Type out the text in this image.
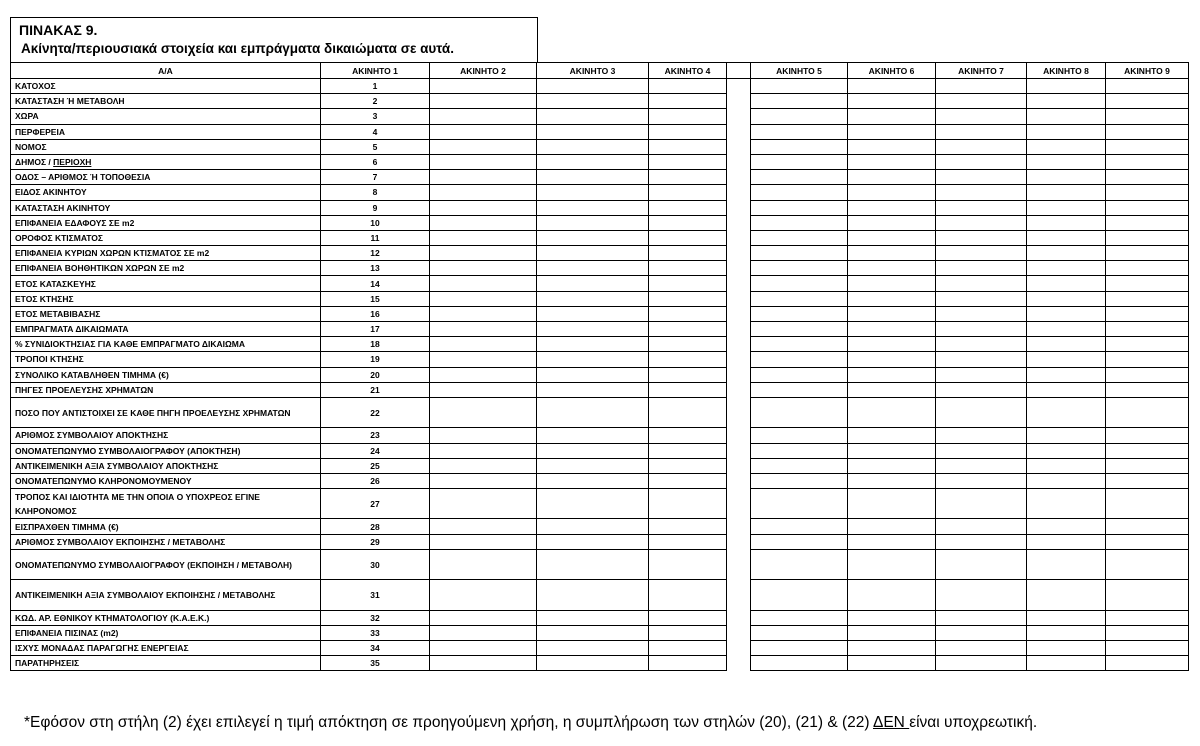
ΠΙΝΑΚΑΣ 9.
Ακίνητα/περιουσιακά στοιχεία και εμπράγματα δικαιώματα σε αυτά.
Α/Α	ΑΚΙΝΗΤΟ 1	ΑΚΙΝΗΤΟ 2	ΑΚΙΝΗΤΟ 3	ΑΚΙΝΗΤΟ 4		ΑΚΙΝΗΤΟ 5	ΑΚΙΝΗΤΟ 6	ΑΚΙΝΗΤΟ 7	ΑΚΙΝΗΤΟ 8	ΑΚΙΝΗΤΟ 9
ΚΑΤΟΧΟΣ	1									
ΚΑΤΑΣΤΑΣΗ Ή ΜΕΤΑΒΟΛΗ	2									
ΧΩΡΑ	3									
ΠΕΡΦΕΡΕΙΑ	4									
ΝΟΜΟΣ	5									
ΔΗΜΟΣ / ΠΕΡΙΟΧΗ	6									
ΟΔΟΣ – ΑΡΙΘΜΟΣ Ή ΤΟΠΟΘΕΣΙΑ	7									
ΕΙΔΟΣ ΑΚΙΝΗΤΟΥ	8									
ΚΑΤΑΣΤΑΣΗ ΑΚΙΝΗΤΟΥ	9									
ΕΠΙΦΑΝΕΙΑ ΕΔΑΦΟΥΣ ΣΕ m2	10									
ΟΡΟΦΟΣ ΚΤΙΣΜΑΤΟΣ	11									
ΕΠΙΦΑΝΕΙΑ ΚΥΡΙΩΝ ΧΩΡΩΝ ΚΤΙΣΜΑΤΟΣ ΣΕ m2	12									
ΕΠΙΦΑΝΕΙΑ ΒΟΗΘΗΤΙΚΩΝ ΧΩΡΩΝ ΣΕ m2	13									
ΕΤΟΣ ΚΑΤΑΣΚΕΥΗΣ	14									
ΕΤΟΣ ΚΤΗΣΗΣ	15									
ΕΤΟΣ ΜΕΤΑΒΙΒΑΣΗΣ	16									
ΕΜΠΡΑΓΜΑΤΑ ΔΙΚΑΙΩΜΑΤΑ	17									
% ΣΥΝΙΔΙΟΚΤΗΣΙΑΣ ΓΙΑ ΚΑΘΕ ΕΜΠΡΑΓΜΑΤΟ ΔΙΚΑΙΩΜΑ	18									
ΤΡΟΠΟΙ ΚΤΗΣΗΣ	19									
ΣΥΝΟΛΙΚΟ ΚΑΤΑΒΛΗΘΕΝ ΤΙΜΗΜΑ (€)	20									
ΠΗΓΕΣ ΠΡΟΕΛΕΥΣΗΣ ΧΡΗΜΑΤΩΝ	21									
ΠΟΣΟ ΠΟΥ ΑΝΤΙΣΤΟΙΧΕΙ ΣΕ ΚΑΘΕ ΠΗΓΗ ΠΡΟΕΛΕΥΣΗΣ ΧΡΗΜΑΤΩΝ	22									
ΑΡΙΘΜΟΣ ΣΥΜΒΟΛΑΙΟΥ ΑΠΟΚΤΗΣΗΣ	23									
ΟΝΟΜΑΤΕΠΩΝΥΜΟ ΣΥΜΒΟΛΑΙΟΓΡΑΦΟΥ (ΑΠΟΚΤΗΣΗ)	24									
ΑΝΤΙΚΕΙΜΕΝΙΚΗ ΑΞΙΑ ΣΥΜΒΟΛΑΙΟΥ ΑΠΟΚΤΗΣΗΣ	25									
ΟΝΟΜΑΤΕΠΩΝΥΜΟ ΚΛΗΡΟΝΟΜΟΥΜΕΝΟΥ	26									
ΤΡΟΠΟΣ ΚΑΙ ΙΔΙΟΤΗΤΑ ΜΕ ΤΗΝ ΟΠΟΙΑ Ο ΥΠΟΧΡΕΟΣ ΕΓΙΝΕ ΚΛΗΡΟΝΟΜΟΣ	27									
ΕΙΣΠΡΑΧΘΕΝ ΤΙΜΗΜΑ (€)	28									
ΑΡΙΘΜΟΣ ΣΥΜΒΟΛΑΙΟΥ ΕΚΠΟΙΗΣΗΣ / ΜΕΤΑΒΟΛΗΣ	29									
ΟΝΟΜΑΤΕΠΩΝΥΜΟ ΣΥΜΒΟΛΑΙΟΓΡΑΦΟΥ (ΕΚΠΟΙΗΣΗ / ΜΕΤΑΒΟΛΗ)	30									
ΑΝΤΙΚΕΙΜΕΝΙΚΗ ΑΞΙΑ ΣΥΜΒΟΛΑΙΟΥ ΕΚΠΟΙΗΣΗΣ / ΜΕΤΑΒΟΛΗΣ	31									
ΚΩΔ. ΑΡ. ΕΘΝΙΚΟΥ ΚΤΗΜΑΤΟΛΟΓΙΟΥ (Κ.Α.Ε.Κ.)	32									
ΕΠΙΦΑΝΕΙΑ ΠΙΣΙΝΑΣ (m2)	33									
ΙΣΧΥΣ ΜΟΝΑΔΑΣ ΠΑΡΑΓΩΓΗΣ ΕΝΕΡΓΕΙΑΣ	34									
ΠΑΡΑΤΗΡΗΣΕΙΣ	35									
*Εφόσον στη στήλη (2) έχει επιλεγεί η τιμή απόκτηση σε προηγούμενη χρήση, η συμπλήρωση των στηλών (20), (21) & (22) ΔΕΝ είναι υποχρεωτική.
